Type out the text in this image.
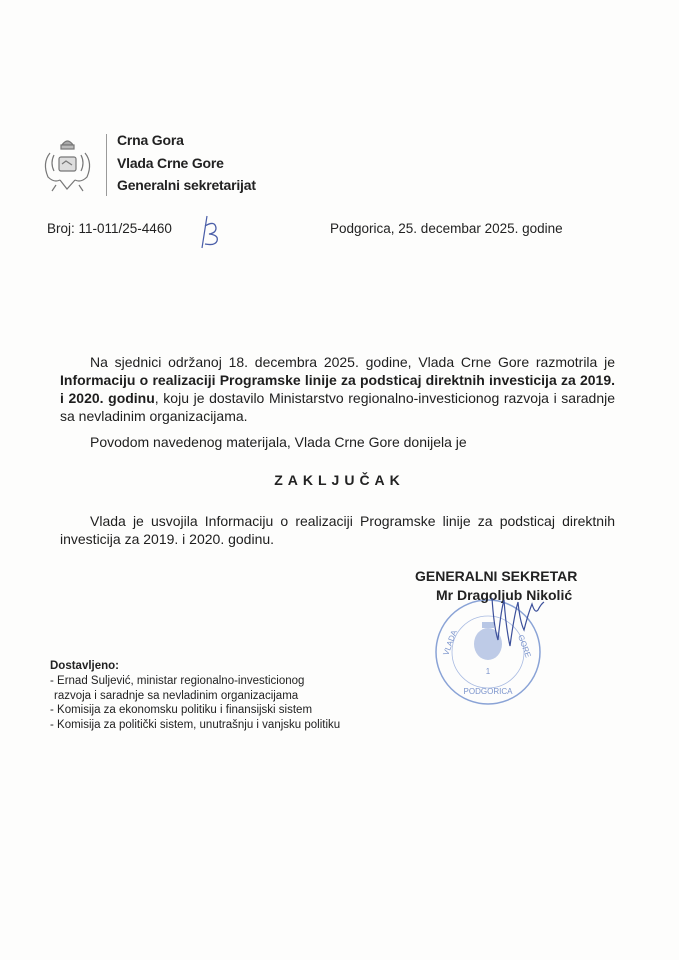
Crna Gora
Vlada Crne Gore
Generalni sekretarijat
Broj: 11-011/25-4460	Podgorica, 25. decembar 2025. godine
Na sjednici održanoj 18. decembra 2025. godine, Vlada Crne Gore razmotrila je Informaciju o realizaciji Programske linije za podsticaj direktnih investicija za 2019. i 2020. godinu, koju je dostavilo Ministarstvo regionalno-investicionog razvoja i saradnje sa nevladinim organizacijama.
Povodom navedenog materijala, Vlada Crne Gore donijela je
ZAKLJUČAK
Vlada je usvojila Informaciju o realizaciji Programske linije za podsticaj direktnih investicija za 2019. i 2020. godinu.
1
PODGORICA
VLADA	GORE
GENERALNI SEKRETAR
Mr Dragoljub Nikolić
Dostavljeno:
- Ernad Suljević, ministar regionalno-investicionog
razvoja i saradnje sa nevladinim organizacijama
- Komisija za ekonomsku politiku i finansijski sistem
- Komisija za politički sistem, unutrašnju i vanjsku politiku
